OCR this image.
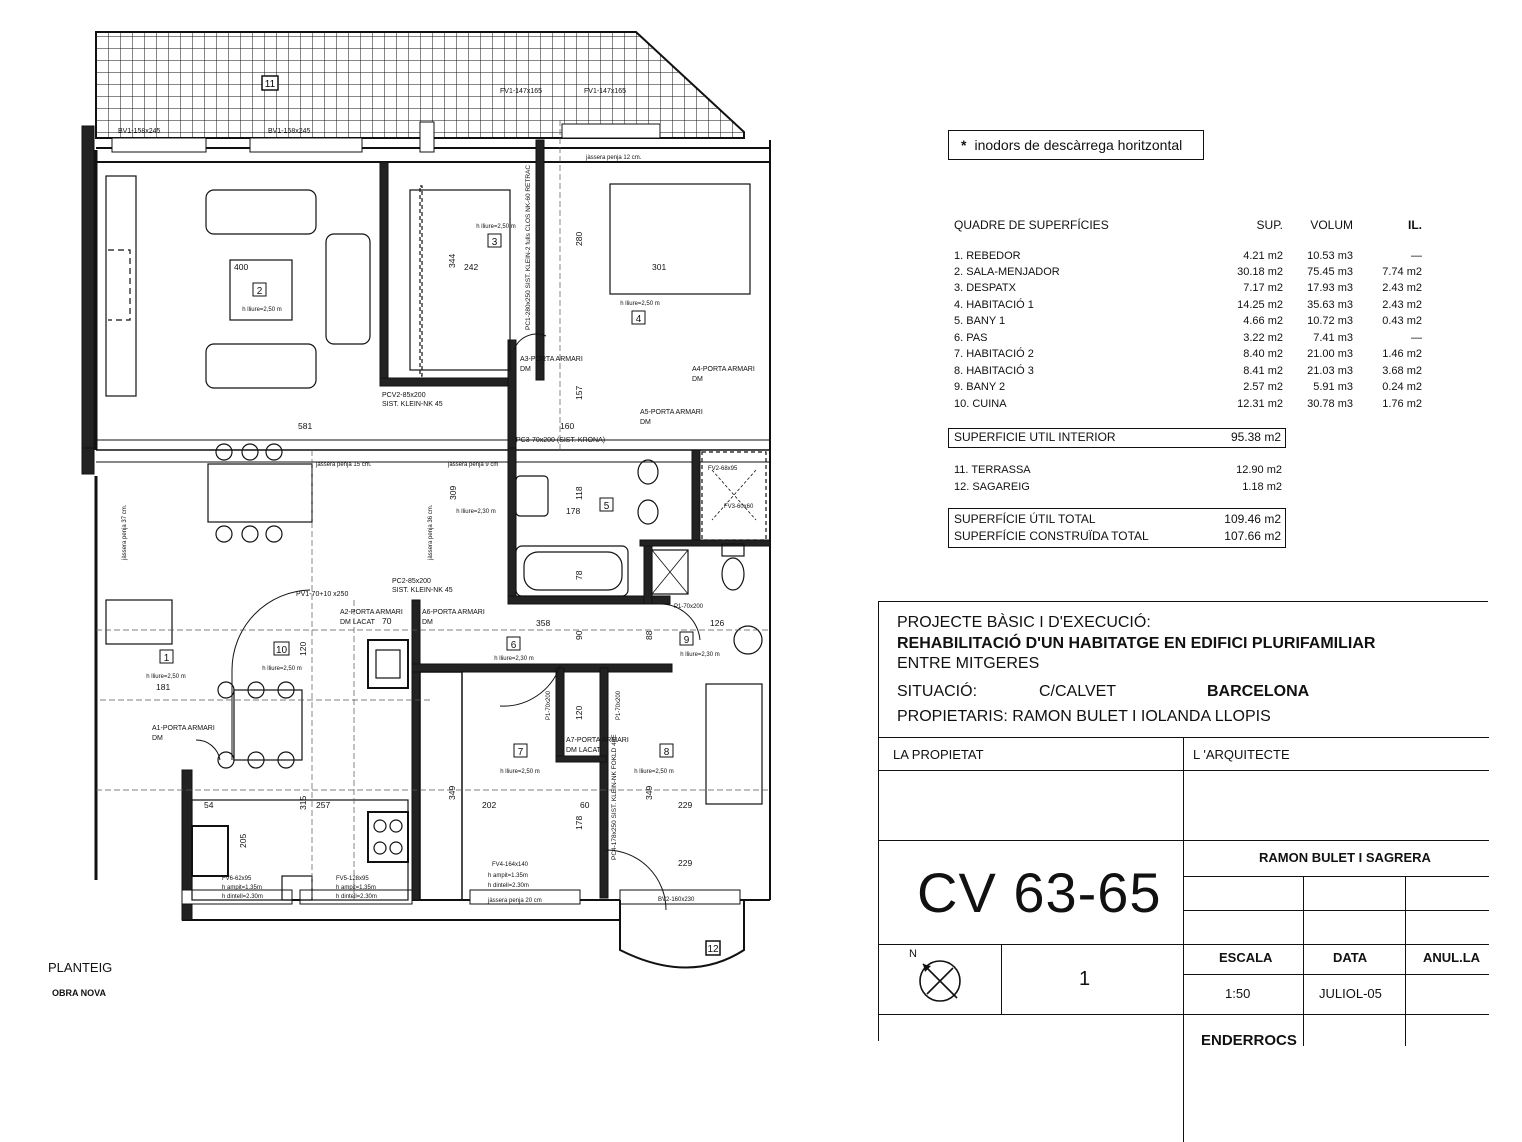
11
12
2
h lliure=2,50 m
3
h lliure=2,50 m
4
h lliure=2,50 m
5
6
h lliure=2,30 m
7
h lliure=2,50 m
8
h lliure=2,50 m
9
h lliure=2,30 m
10
h lliure=2,50 m
1
h lliure=2,50 m
h lliure=2,30 m
BV1-158x245	BV1-158x245
FV1-147x165	FV1-147x165
jàssera penja 12 cm.
jàssera penja 15 cm.	jàssera penja 9 cm
jàssera penja 20 cm
jàssera penja 37 cm.	jàssera penja 36 cm.
PC1-280x250 SIST. KLEIN-2 fulls CLOS NK-60 RETRAC
PCV2-85x200
SIST. KLEIN-NK 45
A3-PORTA ARMARI
DM	A4-PORTA ARMARI
DM
A5-PORTA ARMARI
DM
PC3-70x200 (SIST. KRONA)
FV2-68x95
FV3-60x60
PC2-85x200
SIST. KLEIN-NK 45
PV1-70+10 x250
A2-PORTA ARMARI
DM LACAT
A6-PORTA ARMARI
DM
P1-70x200
P1-70x200	P1-70x200
A1-PORTA ARMARI
DM	A7-PORTA ARMARI
DM LACAT PC4-178x250 SIST. KLEIN-NK FOKLD 40E
FV4-164x140
h ampit=1.35m
h dintell=2.30m
FV5-128x95
h ampit=1.35m
h dintell=2.30m
FV6-62x95
h ampit=1.35m
h dintell=2.30m	BV2-160x230
400	344 242
280
301
581	160
157
178
118
309
78
358
90	88
126
181
120
120
349
202
257
315
54
205
60
178
349
229
229
70
PLANTEIG
OBRA NOVA
* inodors de descàrrega horitzontal
QUADRE DE SUPERFÍCIES	SUP. VOLUM	IL.
1. REBEDOR	4.21 m2 10.53 m3	—
2. SALA-MENJADOR	30.18 m2 75.45 m3	7.74 m2
3. DESPATX	7.17 m2 17.93 m3	2.43 m2
4. HABITACIÓ 1	14.25 m2 35.63 m3	2.43 m2
5. BANY 1	4.66 m2 10.72 m3	0.43 m2
6. PAS	3.22 m2	7.41 m3	—
7. HABITACIÓ 2	8.40 m2 21.00 m3	1.46 m2
8. HABITACIÓ 3	8.41 m2 21.03 m3	3.68 m2
9. BANY 2	2.57 m2	5.91 m3	0.24 m2
10. CUINA	12.31 m2 30.78 m3	1.76 m2
SUPERFICIE UTIL INTERIOR	95.38 m2
11. TERRASSA	12.90 m2
12. SAGAREIG	1.18 m2
SUPERFÍCIE ÚTIL TOTAL	109.46 m2
SUPERFÍCIE CONSTRUÏDA TOTAL	107.66 m2
PROJECTE BÀSIC I D'EXECUCIÓ:
REHABILITACIÓ D'UN HABITATGE EN EDIFICI PLURIFAMILIAR
ENTRE MITGERES
SITUACIÓ:	C/CALVET	BARCELONA
PROPIETARIS: RAMON BULET I IOLANDA LLOPIS
LA PROPIETAT	L 'ARQUITECTE
RAMON BULET I SAGRERA
CV 63-65
ESCALA	DATA	ANUL.LA
1:50	JULIOL-05
N
1
ENDERROCS
